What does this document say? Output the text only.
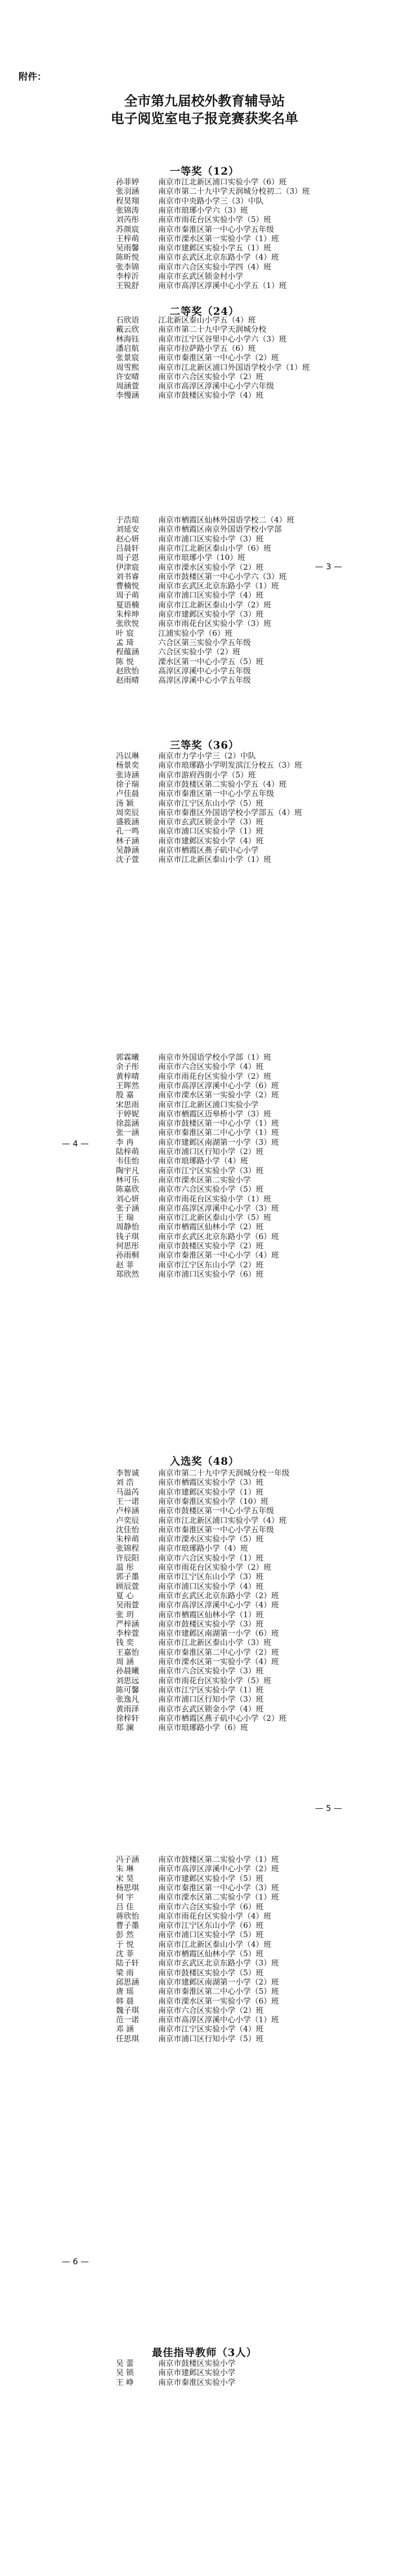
附件：
全市第九届校外教育辅导站
电子阅览室电子报竞赛获奖名单
一等奖（12）
孙菲婷 南京市江北新区浦口实验小学（6）班
张羽涵 南京市第二十九中学天润城分校初二（3）班
程昊翔 南京市中央路小学三（3）中队
张锦涛 南京市琅琊小学六（3）班
刘芮彤 南京市雨花台区实验小学（5）班
苏颜宸 南京市秦淮区第一中心小学五年级
王梓萌 南京市溧水区第一实验小学（1）班
吴雨馨 南京市建邺区实验小学五（1）班
陈昕悦 南京市玄武区北京东路小学（4）班
张李锦 南京市六合区实验小学四（4）班
李梓沂 南京市玄武区锁金村小学
王锐舒 南京市高淳区淳溪中心小学五（1）班
二等奖（24）
石欣语 江北新区泰山小学五（4）班
戴云欣 南京市第二十九中学天润城分校
林海钰 南京市江宁区谷里中心小学六（3）班
潘启航 南京市拉萨路小学五（6）班
张景宸 南京市秦淮区第一中心小学（2）班
周雪熙 南京市江北新区浦口外国语学校小学（1）班
许安晴 南京市六合区实验小学（2）班
周涵萱 南京市高淳区淳溪中心小学六年级
李慢涵 南京市鼓楼区实验小学（4）班
于浩瑄 南京市栖霞区仙林外国语学校二（4）班
刘延安 南京市栖霞区南京外国语学校小学部
赵心妍 南京市浦口区实验小学（3）班
吕晨轩 南京市江北新区泰山小学（6）班
周子恩 南京市琅琊小学（10）班
伊津宸 南京市溧水区实验小学（2）班
刘书睿 南京市鼓楼区第一中心小学六（3）班
曹楠悦 南京市玄武区北京东路小学（1）班
周子萌 南京市浦口区实验小学（4）班
夏语楠 南京市江北新区泰山小学（2）班
朱梓坤 南京市建邺区实验小学（3）班
张欣悦 南京市雨花台区实验小学（3）班
叶 宸	江浦实验小学（6）班
孟 琦	六合区第三实验小学五年级
程蕴涵 六合区实验小学（2）班
陈 悦	溧水区第一中心小学五（5）班
赵欣怡 高淳区淳溪中心小学五年级
赵雨晴 高淳区淳溪中心小学五年级
三等奖（36）
冯以琳 南京市力学小学三（2）中队
杨景奕 南京市琅琊路小学明发滨江分校五（3）班
张诗涵 南京市游府西街小学（5）班
徐子瑞 南京市鼓楼区第二实验小学五（4）班
卢佳晨 南京市秦淮区第一中心小学五年级
汤 颖	南京市江宁区东山小学（5）班
周奕辰 南京市秦淮区外国语学校小学部五（4）班
盛筱涵 南京市玄武区锁金小学（3）班
孔一鸣 南京市浦口区实验小学（1）班
林子涵 南京市建邺区实验小学（4）班
吴静涵 南京市栖霞区燕子矶中心小学
沈子萱 南京市江北新区泰山小学（1）班
郭霖曦 南京市外国语学校小学部（1）班
余子彤 南京市六合区实验小学（4）班
黄梓晴 南京市雨花台区实验小学（2）班
王晖然 南京市高淳区淳溪中心小学（6）班
殷 嘉	南京市溧水区第一实验小学（2）班
宋思雨 南京市江北新区浦口实验小学
于婷妮 南京市栖霞区迈皋桥小学（3）班
徐蕊涵 南京市鼓楼区第一中心小学（1）班
张一涵 南京市秦淮区第二中心小学（1）班
李 冉	南京市建邺区南湖第一小学（3）班
陆梓萌 南京市浦口区行知小学（2）班
韦佳怡 南京市琅琊路小学（4）班
陶宇凡 南京市江宁区实验小学（3）班
林可乐 南京市溧水区第二实验小学
陈嘉欣 南京市六合区实验小学（5）班
刘心妍 南京市雨花台区实验小学（1）班
张子涵 南京市高淳区淳溪中心小学（3）班
王 瑞	南京市江北新区泰山小学（5）班
周静怡 南京市栖霞区仙林小学（2）班
钱子琪 南京市玄武区北京东路小学（6）班
何思彤 南京市鼓楼区实验小学（2）班
孙雨桐 南京市秦淮区第一中心小学（4）班
赵 菲	南京市江宁区东山小学（2）班
郑欣然 南京市浦口区实验小学（6）班
入选奖（48）
李智诚 南京市第二十九中学天润城分校一年级
刘 浩	南京市栖霞区实验小学（3）班
马溢芮 南京市建邺区实验小学（1）班
王一诺 南京市秦淮区实验小学（10）班
卢梓涵 南京市鼓楼区第一中心小学五年级
卢奕辰 南京市江北新区浦口实验小学（4）班
沈佳怡 南京市秦淮区第一中心小学五年级
朱梓萌 南京市溧水区实验小学（5）班
张锦程 南京市琅琊路小学（4）班
许辰阳 南京市六合区实验小学（1）班
温 彤	南京市雨花台区实验小学（2）班
郭子墨 南京市江宁区东山小学（3）班
顾辰萱 南京市浦口区实验小学（4）班
夏 心	南京市玄武区北京东路小学（2）班
吴雨萱 南京市高淳区淳溪中心小学（4）班
张 玥	南京市栖霞区仙林小学（1）班
严梓涵 南京市鼓楼区实验小学（3）班
李梓萱 南京市建邺区南湖第一小学（6）班
钱 奕	南京市江北新区泰山小学（3）班
王嘉怡 南京市秦淮区第二中心小学（2）班
周 涵	南京市溧水区第一实验小学（4）班
孙晨曦 南京市六合区实验小学（3）班
刘思远 南京市雨花台区实验小学（5）班
陈可馨 南京市江宁区实验小学（1）班
张逸凡 南京市浦口区行知小学（3）班
黄雨泽 南京市玄武区锁金小学（4）班
徐梓轩 南京市栖霞区燕子矶中心小学（2）班
郑 澜	南京市琅琊路小学（6）班
冯子涵 南京市鼓楼区第二实验小学（1）班
朱 琳	南京市高淳区淳溪中心小学（2）班
宋 昊	南京市建邺区实验小学（5）班
杨思琪 南京市秦淮区第一中心小学（3）班
何 宇	南京市溧水区第二实验小学（1）班
吕 佳	南京市六合区实验小学（6）班
蒋欣怡 南京市雨花台区实验小学（4）班
曹子墨 南京市江宁区东山小学（6）班
彭 然	南京市浦口区实验小学（5）班
于 悦	南京市江北新区泰山小学（4）班
沈 菲	南京市栖霞区仙林小学（5）班
陆子轩 南京市玄武区北京东路小学（3）班
梁 雨	南京市鼓楼区实验小学（5）班
邱思涵 南京市建邺区南湖第一小学（2）班
唐 瑶	南京市秦淮区第二中心小学（5）班
韩 晨	南京市溧水区第一实验小学（6）班
魏子琪 南京市六合区实验小学（2）班
范一诺 南京市高淳区淳溪中心小学（1）班
邓 涵	南京市江宁区实验小学（4）班
任思琪 南京市浦口区行知小学（5）班
最佳指导教师（3人）
吴 蕾	南京市鼓楼区实验小学
吴 锁	南京市建邺区实验小学
王 峥	南京市秦淮区实验小学
— 3 —
— 4 —
— 5 —
— 6 —
